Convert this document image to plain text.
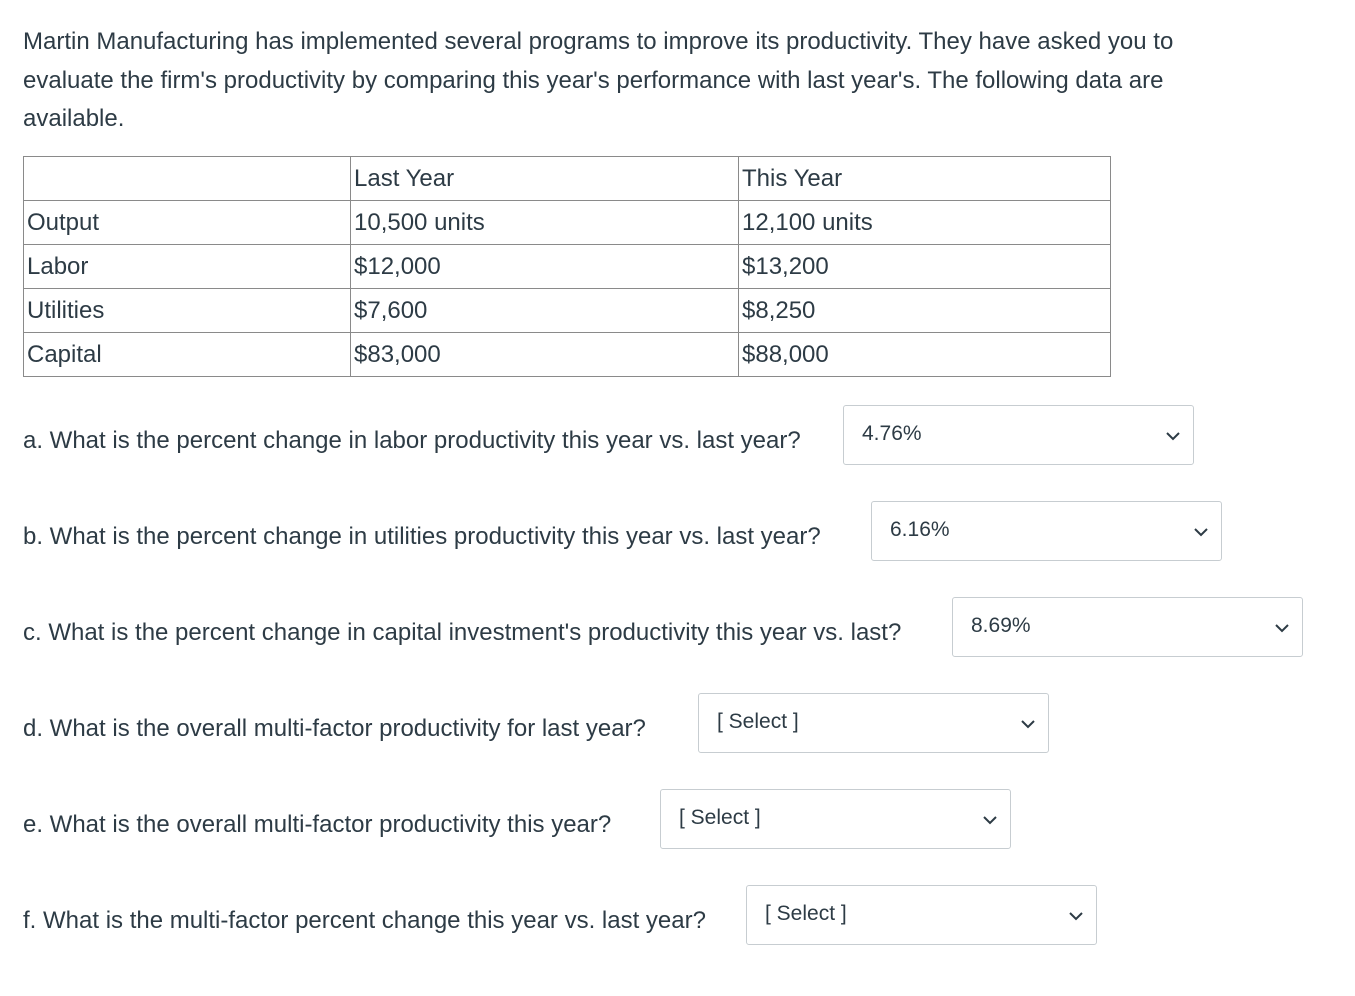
Martin Manufacturing has implemented several programs to improve its productivity. They have asked you to evaluate the firm's productivity by comparing this year's performance with last year's. The following data are available.

	Last Year	This Year
Output	10,500 units	12,100 units
Labor	$12,000	$13,200
Utilities	$7,600	$8,250
Capital	$83,000	$88,000
a. What is the percent change in labor productivity this year vs. last year?	4.76%
b. What is the percent change in utilities productivity this year vs. last year?	6.16%
c. What is the percent change in capital investment's productivity this year vs. last?	8.69%
d. What is the overall multi-factor productivity for last year?	[ Select ]
e. What is the overall multi-factor productivity this year?	[ Select ]
f. What is the multi-factor percent change this year vs. last year?	[ Select ]
